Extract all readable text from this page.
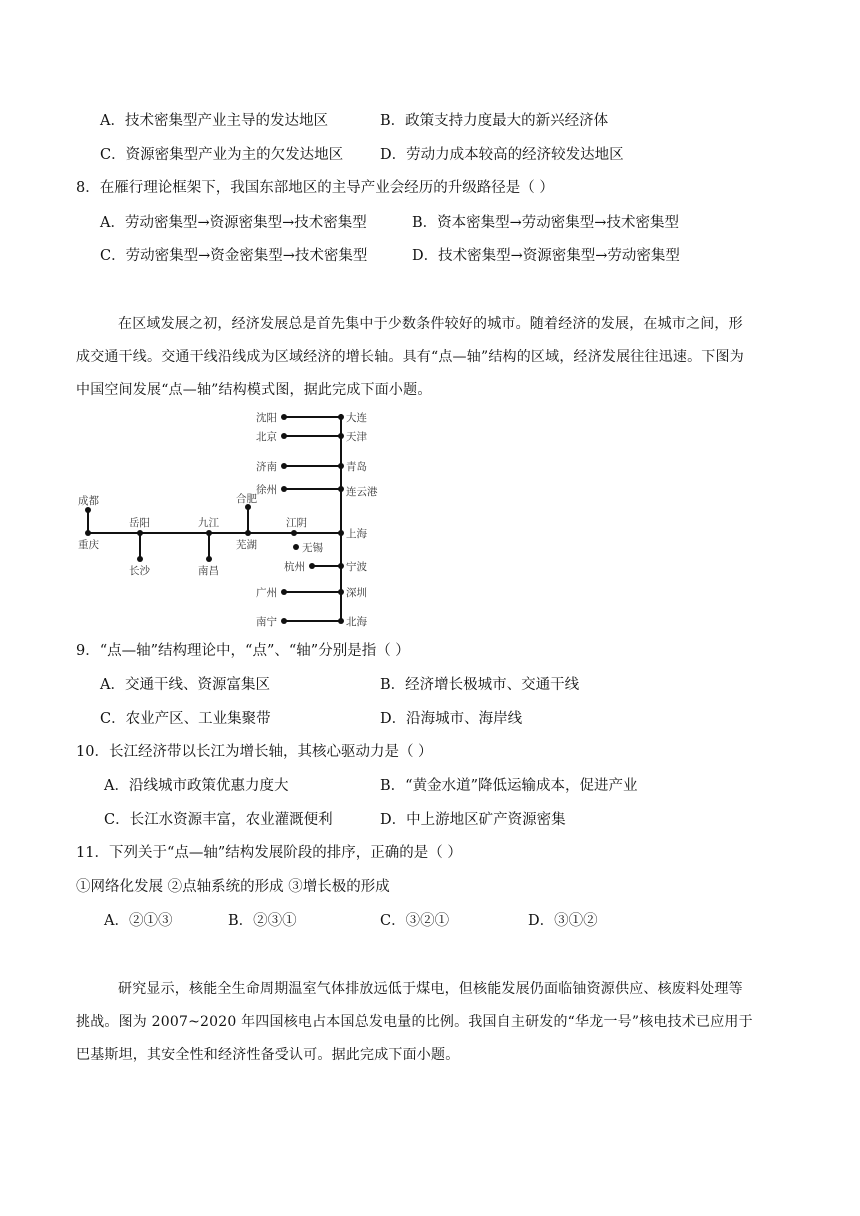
A．技术密集型产业主导的发达地区	B．政策支持力度最大的新兴经济体
C．资源密集型产业为主的欠发达地区	D．劳动力成本较高的经济较发达地区
8．在雁行理论框架下，我国东部地区的主导产业会经历的升级路径是（ ）
A．劳动密集型→资源密集型→技术密集型	B．资本密集型→劳动密集型→技术密集型
C．劳动密集型→资金密集型→技术密集型	D．技术密集型→资源密集型→劳动密集型
在区域发展之初，经济发展总是首先集中于少数条件较好的城市。随着经济的发展，在城市之间，形
成交通干线。交通干线沿线成为区域经济的增长轴。具有“点—轴”结构的区域，经济发展往往迅速。下图为
中国空间发展“点—轴”结构模式图，据此完成下面小题。
沈阳	大连
北京	天津
济南	青岛
徐州	连云港
成都
重庆
岳阳
长沙
九江
南昌
合肥
芜湖
江阴
无锡
上海
杭州	宁波
广州	深圳
南宁	北海
9．“点—轴”结构理论中，“点”、“轴”分别是指（ ）
A．交通干线、资源富集区	B．经济增长极城市、交通干线
C．农业产区、工业集聚带	D．沿海城市、海岸线
10．长江经济带以长江为增长轴，其核心驱动力是（ ）
A．沿线城市政策优惠力度大	B．“黄金水道”降低运输成本，促进产业
C．长江水资源丰富，农业灌溉便利	D．中上游地区矿产资源密集
11．下列关于“点—轴”结构发展阶段的排序，正确的是（ ）
①网络化发展 ②点轴系统的形成 ③增长极的形成
A．②①③	B．②③①	C．③②①	D．③①②
研究显示，核能全生命周期温室气体排放远低于煤电，但核能发展仍面临铀资源供应、核废料处理等
挑战。图为 2007~2020 年四国核电占本国总发电量的比例。我国自主研发的“华龙一号”核电技术已应用于
巴基斯坦，其安全性和经济性备受认可。据此完成下面小题。
